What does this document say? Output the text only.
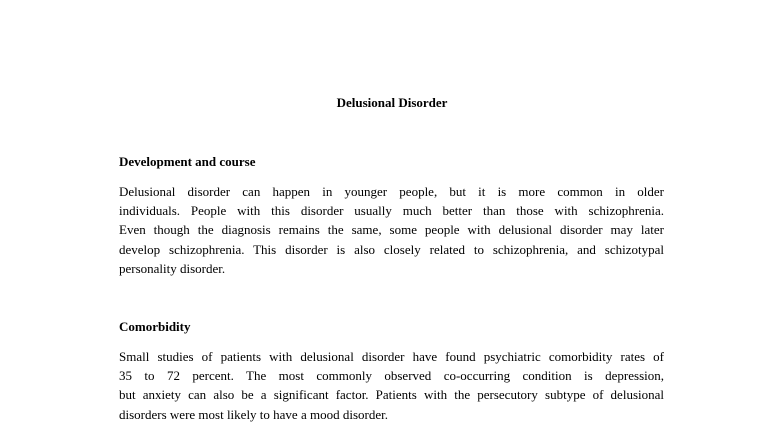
Delusional Disorder
Development and course
Delusional disorder can happen in younger people, but it is more common in older
individuals. People with this disorder usually much better than those with schizophrenia.
Even though the diagnosis remains the same, some people with delusional disorder may later
develop schizophrenia. This disorder is also closely related to schizophrenia, and schizotypal
personality disorder.
Comorbidity
Small studies of patients with delusional disorder have found psychiatric comorbidity rates of
35 to 72 percent. The most commonly observed co-occurring condition is depression,
but anxiety can also be a significant factor. Patients with the persecutory subtype of delusional
disorders were most likely to have a mood disorder.
